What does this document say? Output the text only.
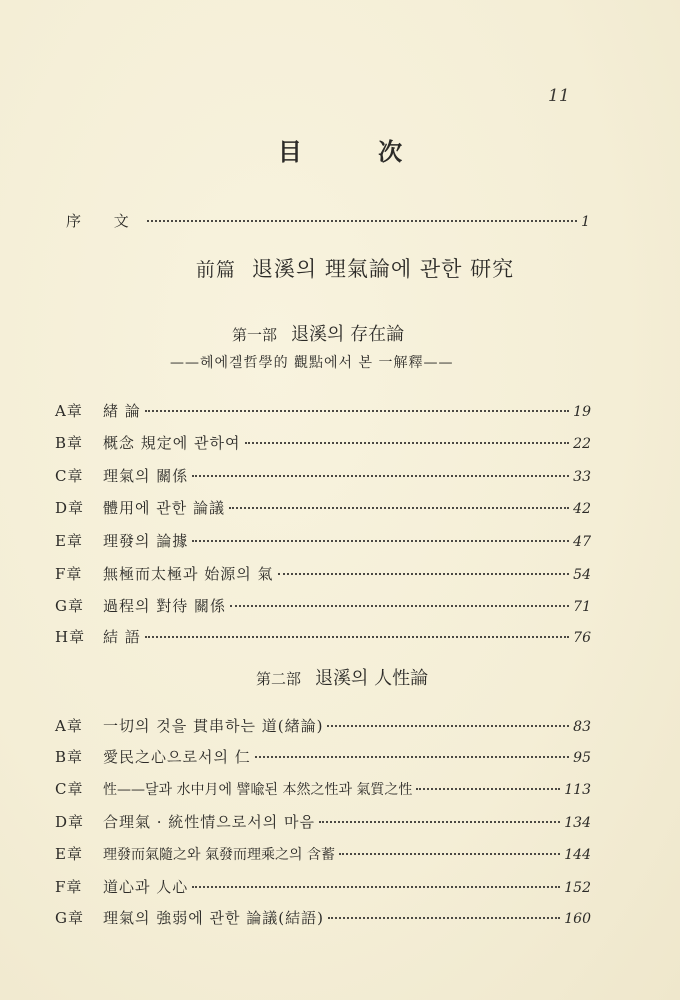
11
目 次
序 文	1
前篇 退溪의 理氣論에 관한 研究
第一部 退溪의 存在論
——헤에겔哲學的 觀點에서 본 一解釋——
A章	緖 論	19
B章	概念 規定에 관하여	22
C章	理氣의 關係	33
D章	體用에 관한 論議	42
E章	理發의 論據	47
F章	無極而太極과 始源의 氣	54
G章	過程의 對待 關係	71
H章	結 語	76
第二部 退溪의 人性論
A章	一切의 것을 貫串하는 道(緖論)	83
B章	愛民之心으로서의 仁	95
C章	性——달과 水中月에 譬喩된 本然之性과 氣質之性	113
D章	合理氣 · 統性情으로서의 마음	134
E章	理發而氣隨之와 氣發而理乘之의 含蓄	144
F章	道心과 人心	152
G章	理氣의 強弱에 관한 論議(結語)	160
